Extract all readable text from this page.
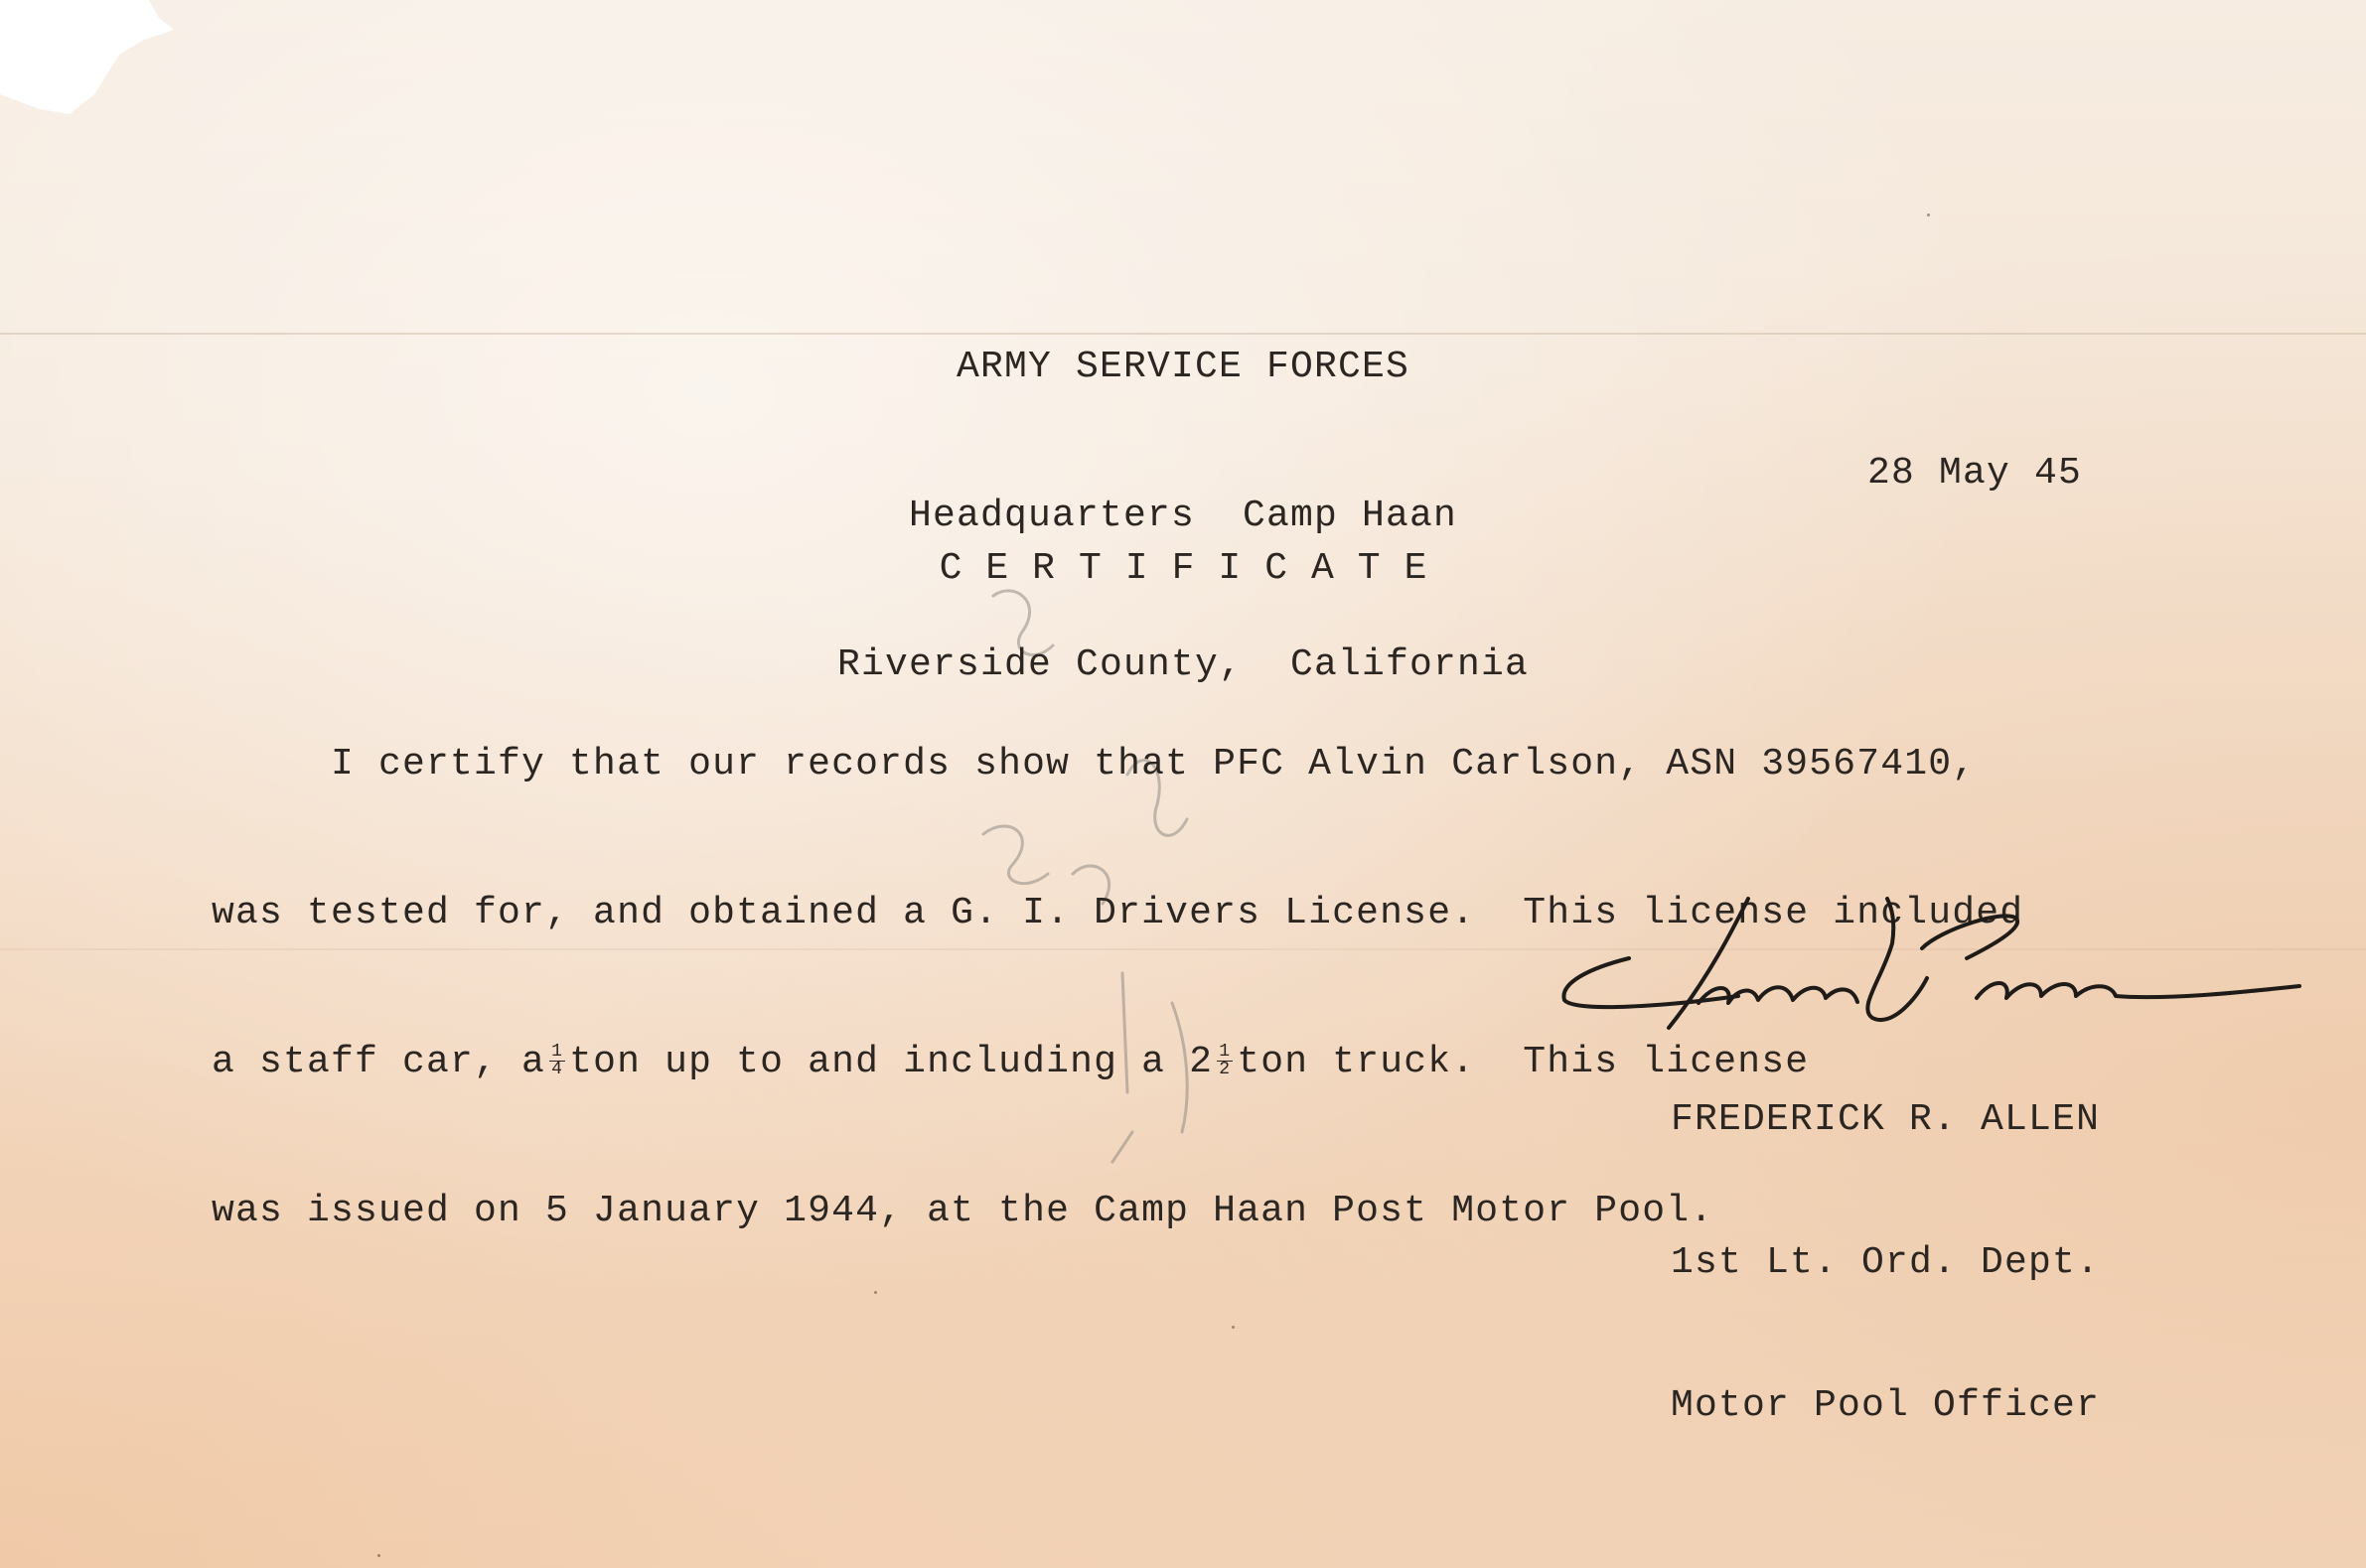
ARMY SERVICE FORCES

Headquarters  Camp Haan

Riverside County,  California

28 May 45
CERTIFICATE

I certify that our records show that PFC Alvin Carlson, ASN 39567410,

was tested for, and obtained a G. I. Drivers License.  This license included

a staff car, a $\frac{1}{4}$ ton up to and including a $2 \frac{1}{2}$ ton truck.  This license

was issued on 5 January 1944, at the Camp Haan Post Motor Pool.

FREDERICK R. ALLEN

1st Lt. Ord. Dept.

Motor Pool Officer
